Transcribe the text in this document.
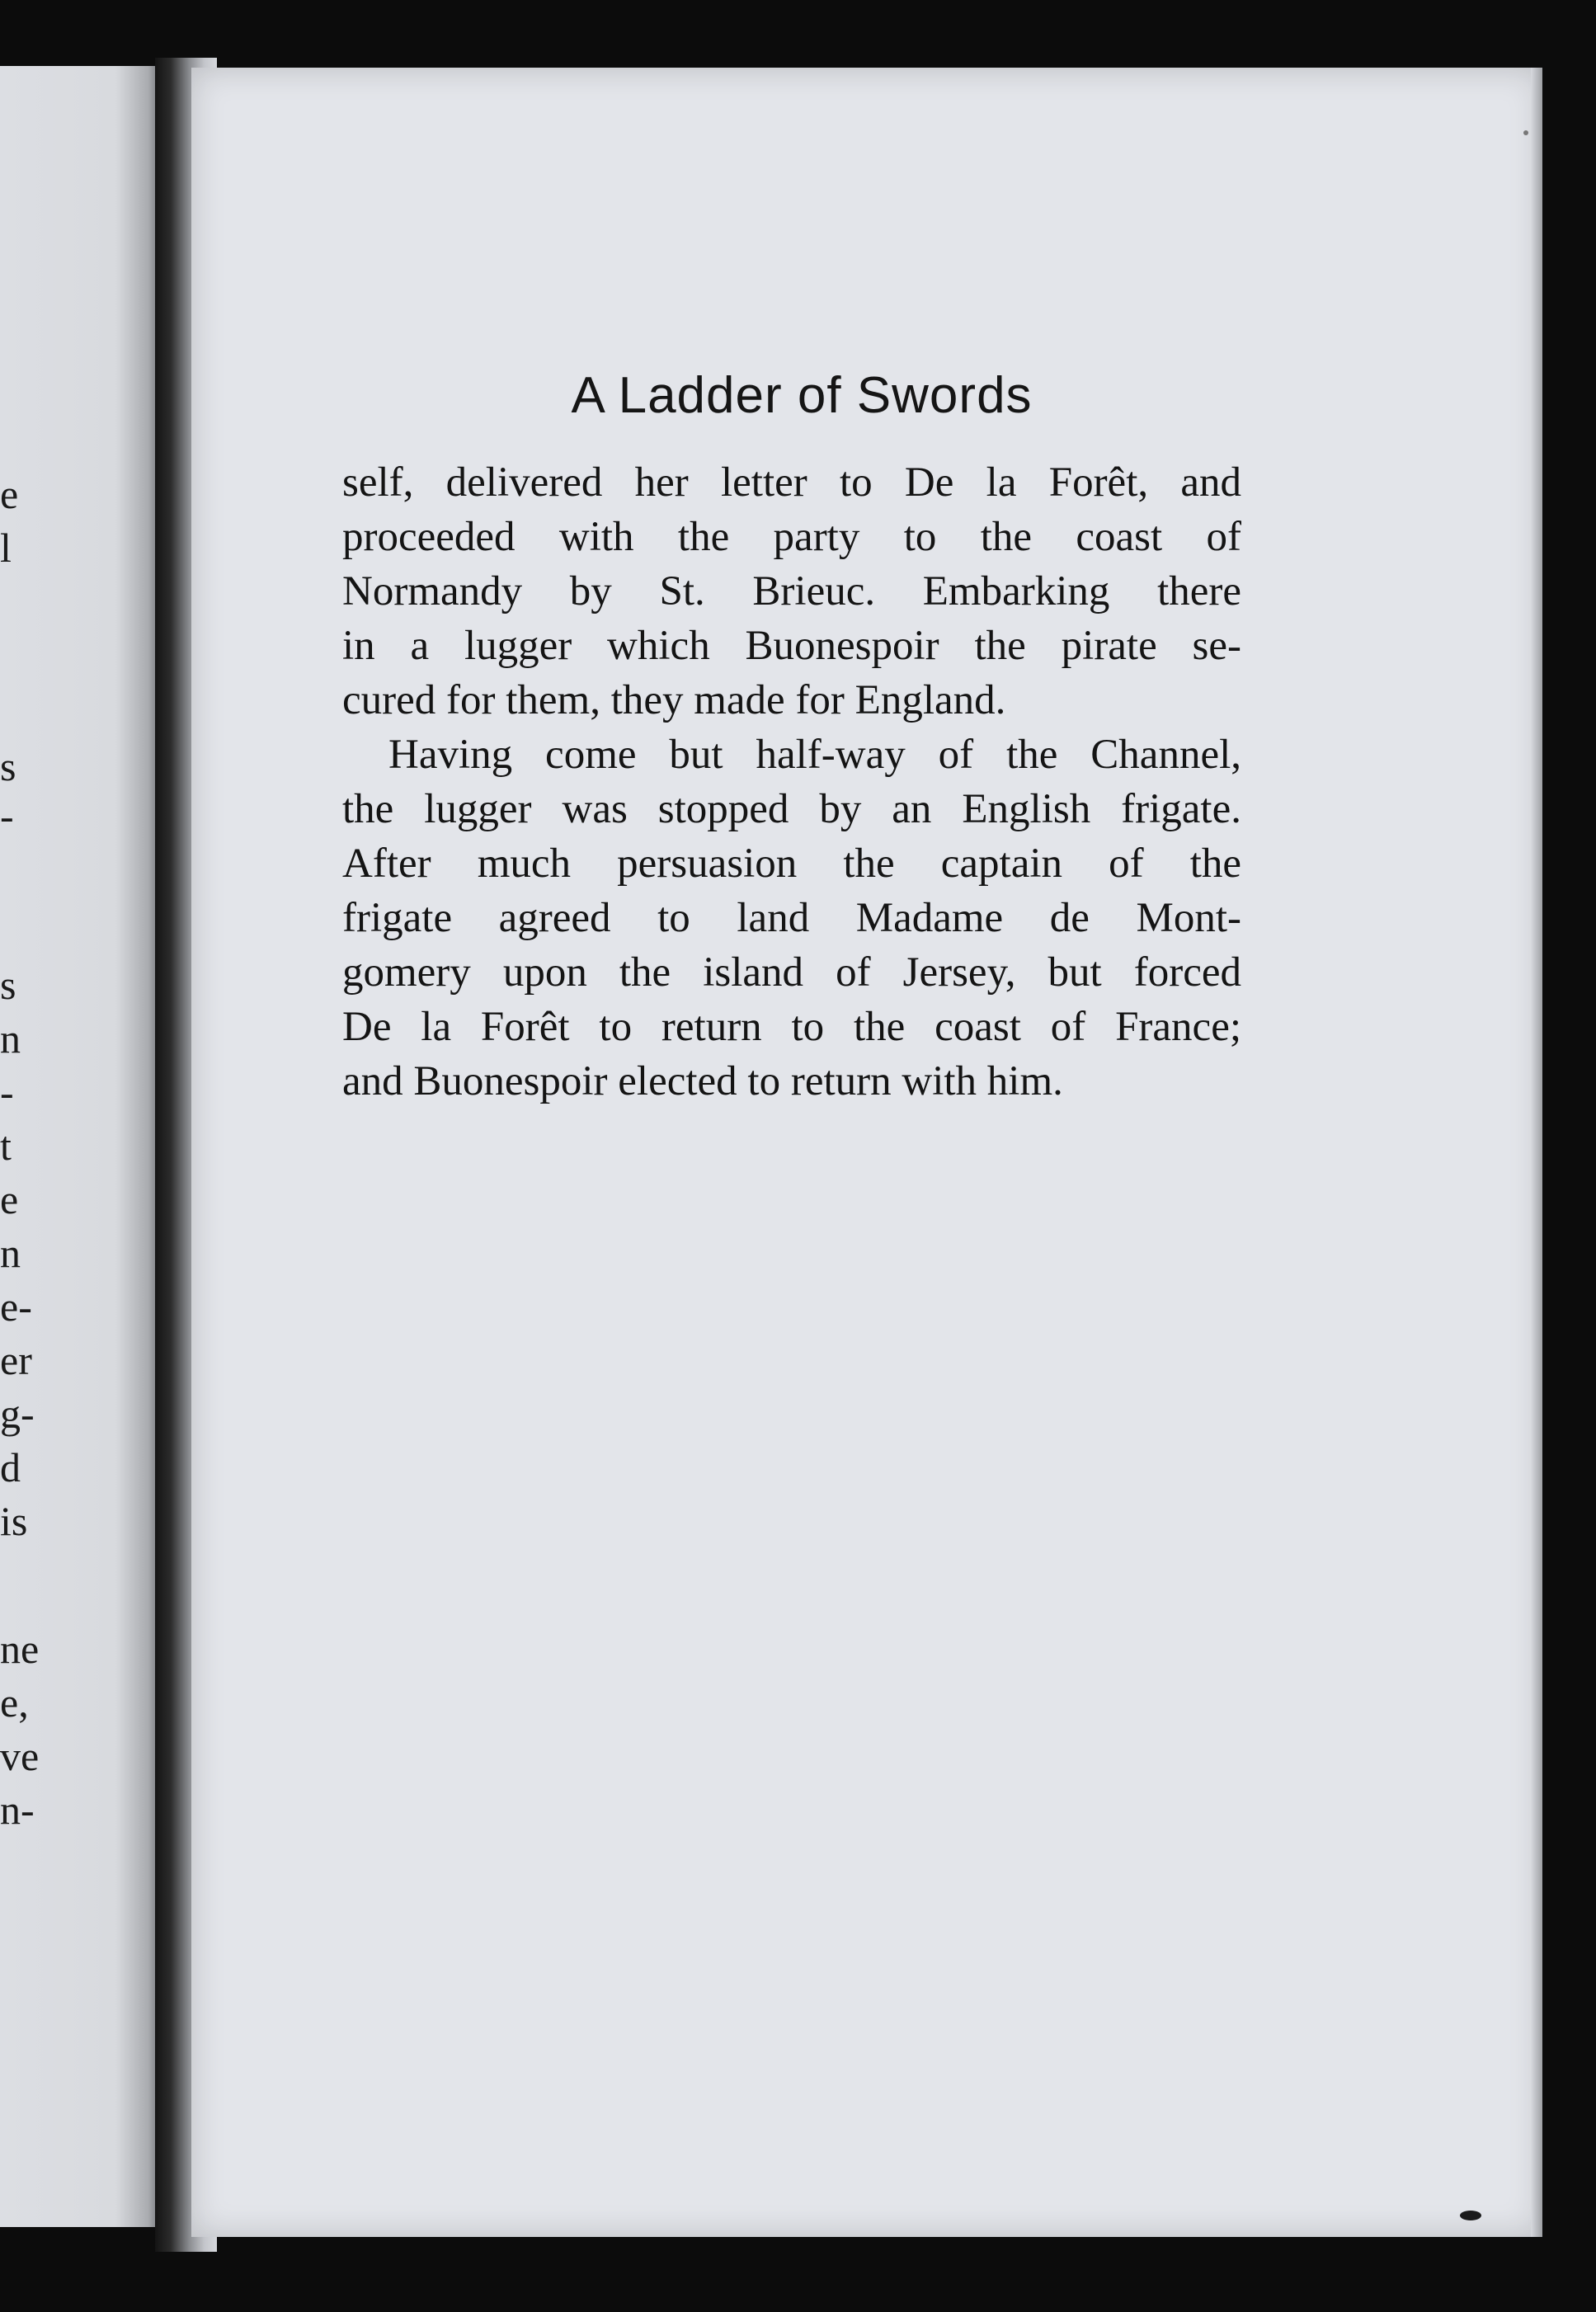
e
l
s
-
s
n
-
t
e
n
e-
er
g-
d
is
ne
e,
ve
n-
A Ladder of Swords
self, delivered her letter to De la Forêt, and
proceeded with the party to the coast of
Normandy by St. Brieuc. Embarking there
in a lugger which Buonespoir the pirate se-
cured for them, they made for England.
Having come but half-way of the Channel,
the lugger was stopped by an English frigate.
After much persuasion the captain of the
frigate agreed to land Madame de Mont-
gomery upon the island of Jersey, but forced
De la Forêt to return to the coast of France;
and Buonespoir elected to return with him.
